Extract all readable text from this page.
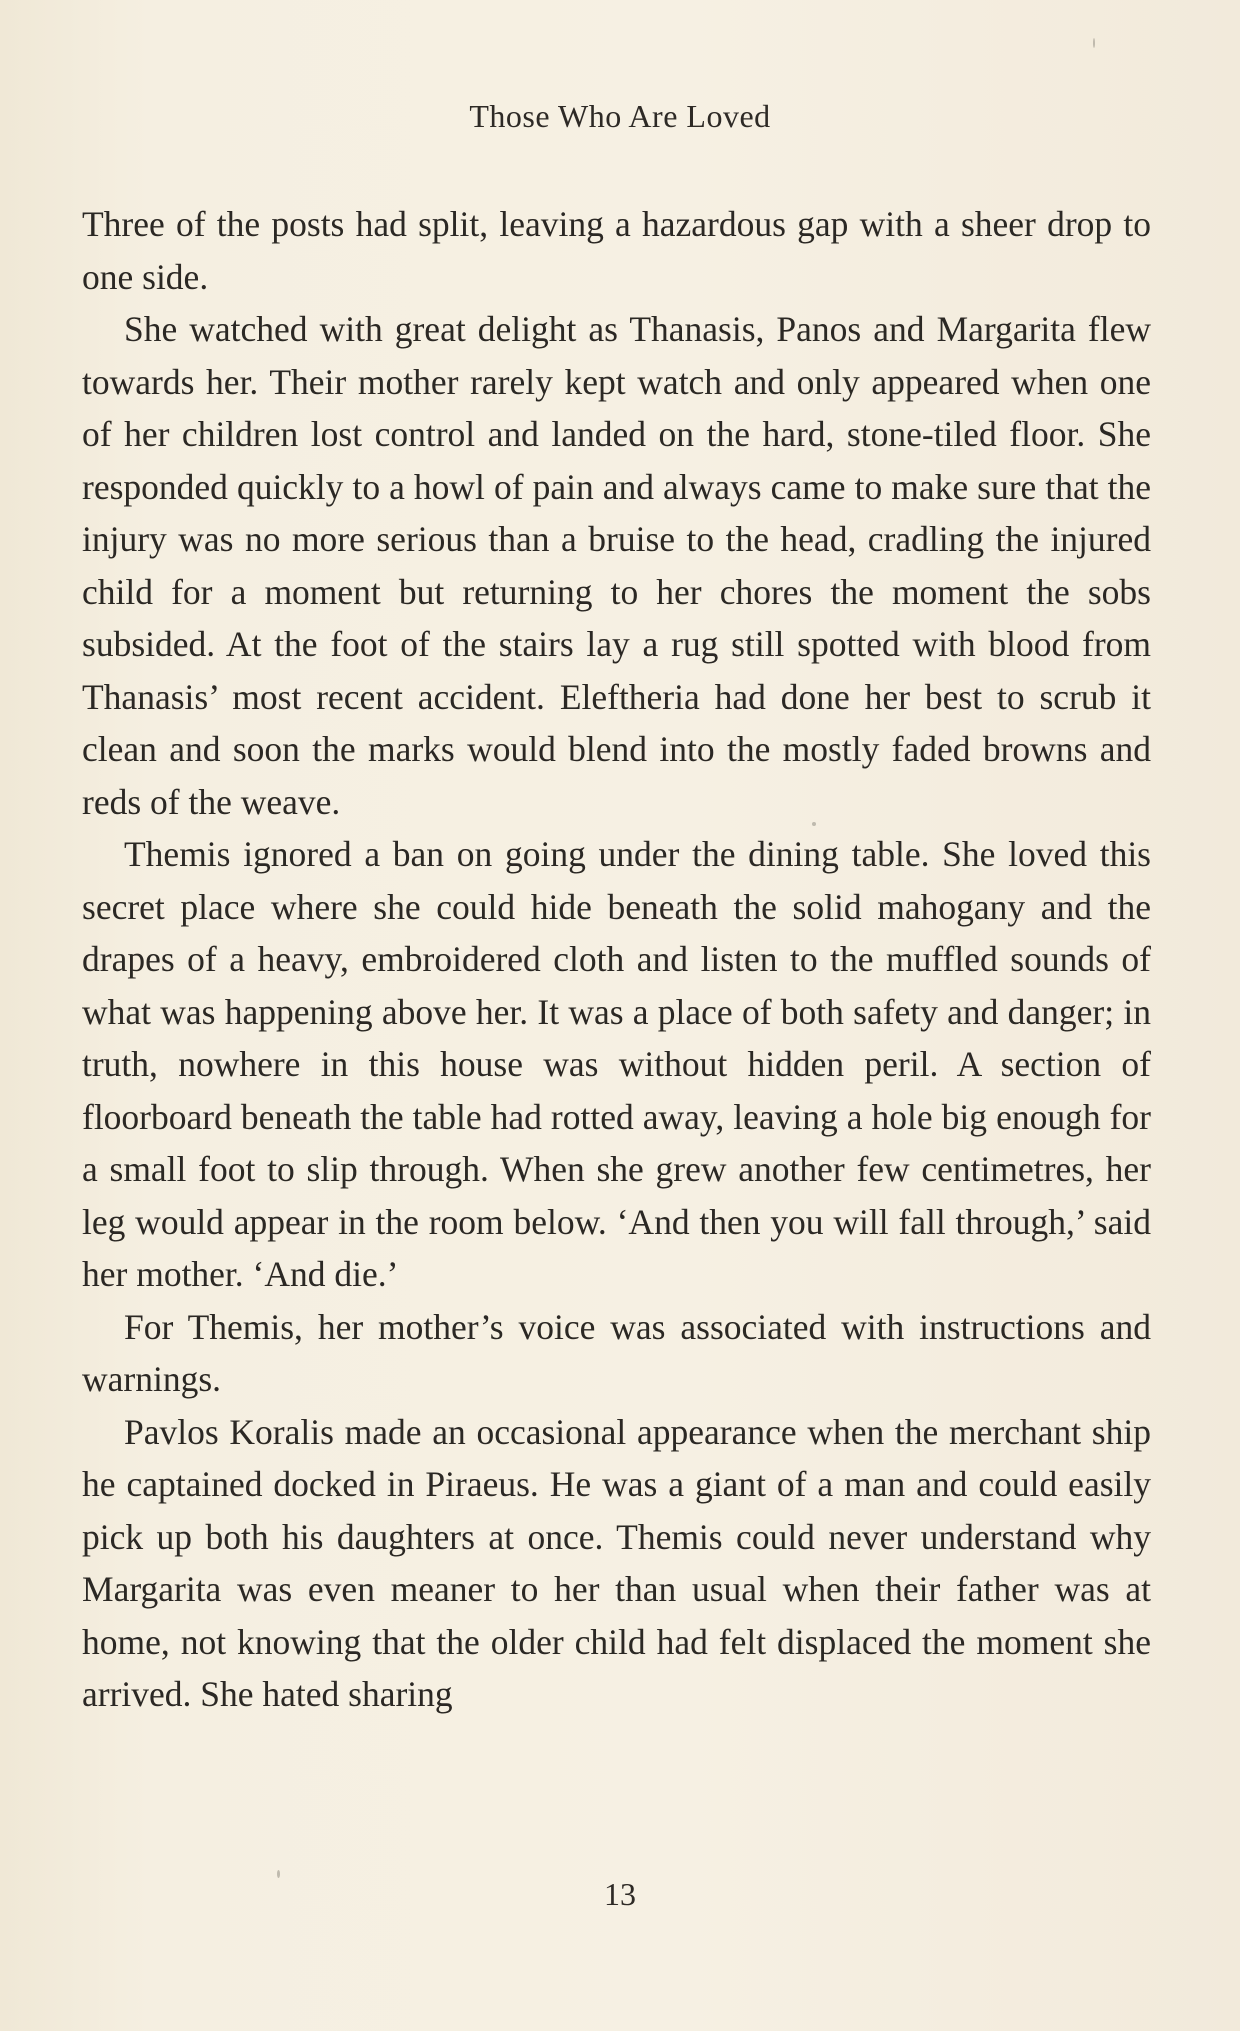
Those Who Are Loved

Three of the posts had split, leaving a hazardous gap with a sheer drop to one side.

She watched with great delight as Thanasis, Panos and Margarita flew towards her. Their mother rarely kept watch and only appeared when one of her children lost control and landed on the hard, stone-tiled floor. She responded quickly to a howl of pain and always came to make sure that the injury was no more serious than a bruise to the head, cradling the injured child for a moment but returning to her chores the moment the sobs subsided. At the foot of the stairs lay a rug still spotted with blood from Thanasis’ most recent accident. Eleftheria had done her best to scrub it clean and soon the marks would blend into the mostly faded browns and reds of the weave.

Themis ignored a ban on going under the dining table. She loved this secret place where she could hide beneath the solid mahogany and the drapes of a heavy, embroidered cloth and listen to the muffled sounds of what was happening above her. It was a place of both safety and danger; in truth, nowhere in this house was without hidden peril. A section of floorboard beneath the table had rotted away, leaving a hole big enough for a small foot to slip through. When she grew another few centimetres, her leg would appear in the room below. ‘And then you will fall through,’ said her mother. ‘And die.’

For Themis, her mother’s voice was associated with instructions and warnings.

Pavlos Koralis made an occasional appearance when the merchant ship he captained docked in Piraeus. He was a giant of a man and could easily pick up both his daughters at once. Themis could never understand why Margarita was even meaner to her than usual when their father was at home, not knowing that the older child had felt displaced the moment she arrived. She hated sharing

13
